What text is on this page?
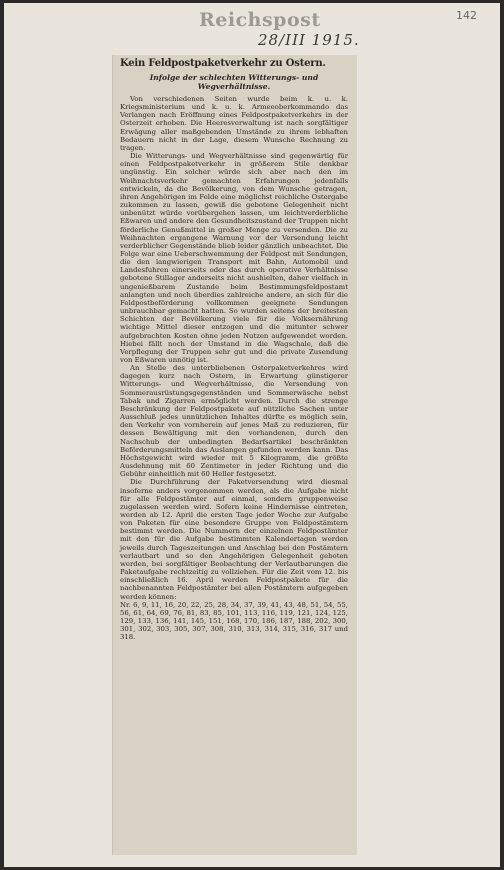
Reichspost
28/III 1915.
142
Kein Feldpostpaketverkehr zu Ostern.
Infolge der schlechten Witterungs- und Wegverhältnisse.

Von verschiedenen Seiten wurde beim k. u. k. Kriegsministerium und k. u. k. Armeeoberkommando das Verlangen nach Eröffnung eines Feldpostpaketverkehrs in der Osterzeit erhoben. Die Heeresverwaltung ist nach sorgfältiger Erwägung aller maßgebenden Umstände zu ihrem lebhaften Bedauern nicht in der Lage, diesem Wunsche Rechnung zu tragen.

Die Witterungs- und Wegverhältnisse sind gegenwärtig für einen Feldpostpaketverkehr in größerem Stile denkbar ungünstig. Ein solcher würde sich aber nach den im Weihnachtsverkehr gemachten Erfahrungen jedenfalls entwickeln, da die Bevölkerung, von dem Wunsche getragen, ihren Angehörigen im Felde eine möglichst reichliche Ostergabe zukommen zu lassen, gewiß die gebotene Gelegenheit nicht unbenützt würde vorübergehen lassen, um leichtverderbliche Eßwaren und andere den Gesundheitszustand der Truppen nicht förderliche Genußmittel in großer Menge zu versenden. Die zu Weihnachten ergangene Warnung vor der Versendung leicht verderblicher Gegenstände blieb leider gänzlich unbeachtet. Die Folge war eine Ueberschwemmung der Feldpost mit Sendungen, die den langwierigen Transport mit Bahn, Automobil und Landesfuhren einerseits oder das durch operative Verhältnisse gebotene Stillager anderseits nicht aushielten, daher vielfach in ungenießbarem Zustande beim Bestimmungsfeldpostamt anlangten und noch überdies zahlreiche andere, an sich für die Feldpostbeförderung vollkommen geeignete Sendungen unbrauchbar gemacht hatten. So wurden seitens der breitesten Schichten der Bevölkerung viele für die Volksernährung wichtige Mittel dieser entzogen und die mitunter schwer aufgebrachten Kosten ohne jeden Nutzen aufgewendet worden. Hiebei fällt noch der Umstand in die Wagschale, daß die Verpflegung der Truppen sehr gut und die private Zusendung von Eßwaren unnötig ist.

An Stelle des unterbliebenen Osterpaketverkehres wird dagegen kurz nach Ostern, in Erwartung günstigerer Witterungs- und Wegverhältnisse, die Versendung von Sommerausrüstungsgegenständen und Sommerwäsche nebst Tabak und Zigarren ermöglicht werden. Durch die strenge Beschränkung der Feldpostpakete auf nützliche Sachen unter Ausschluß jedes unnützlichen Inhaltes dürfte es möglich sein, den Verkehr von vornherein auf jenes Maß zu reduzieren, für dessen Bewältigung mit den vorhandenen, durch den Nachschub der unbedingten Bedarfsartikel beschränkten Beförderungsmitteln das Auslangen gefunden werden kann. Das Höchstgewicht wird wieder mit 5 Kilogramm, die größte Ausdehnung mit 60 Zentimeter in jeder Richtung und die Gebühr einheitlich mit 60 Heller festgesetzt.

Die Durchführung der Paketversendung wird diesmal insoferne anders vorgenommen werden, als die Aufgabe nicht für alle Feldpostämter auf einmal, sondern gruppenweise zugelassen werden wird. Sofern keine Hindernisse eintreten, werden ab 12. April die ersten Tage jeder Woche zur Aufgabe von Paketen für eine besondere Gruppe von Feldpostämtern bestimmt werden. Die Nummern der einzelnen Feldpostämter mit den für die Aufgabe bestimmten Kalendertagen werden jeweils durch Tageszeitungen und Anschlag bei den Postämtern verlautbart und so den Angehörigen Gelegenheit geboten werden, bei sorgfältiger Beobachtung der Verlautbarungen die Paketaufgabe rechtzeitig zu vollziehen. Für die Zeit vom 12. bis einschließlich 16. April werden Feldpostpakete für die nachbenannten Feldpostämter bei allen Postämtern aufgegeben werden können:

Nr. 6, 9, 11, 16, 20, 22, 25, 28, 34, 37, 39, 41, 43, 48, 51, 54, 55, 56, 61, 64, 69, 76, 81, 83, 85, 101, 113, 116, 119, 121, 124, 125, 129, 133, 136, 141, 145, 151, 168, 170, 186, 187, 188, 202, 300, 301, 302, 303, 305, 307, 308, 310, 313, 314, 315, 316, 317 und 318.
